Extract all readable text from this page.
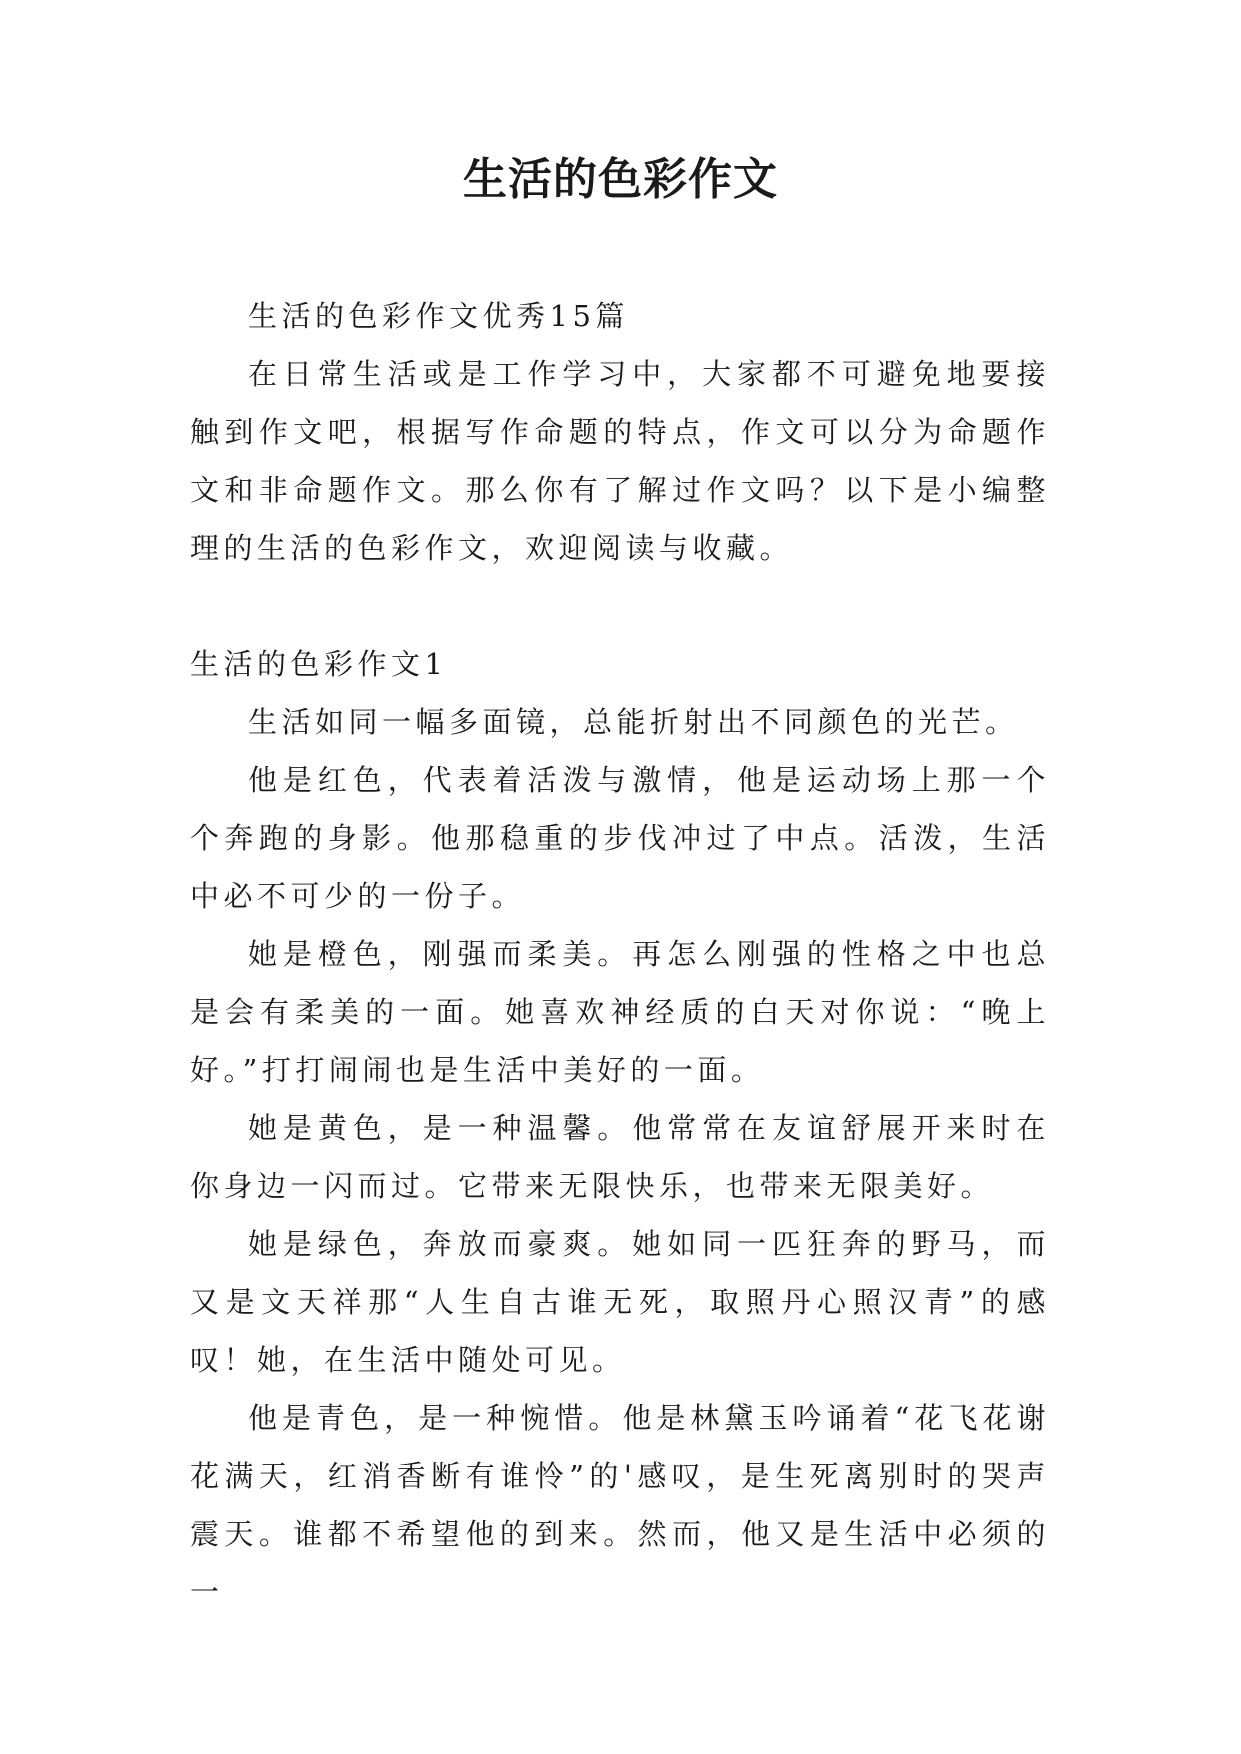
生活的色彩作文

生活的色彩作文优秀15篇

在日常生活或是工作学习中，大家都不可避免地要接触到作文吧，根据写作命题的特点，作文可以分为命题作文和非命题作文。那么你有了解过作文吗？以下是小编整理的生活的色彩作文，欢迎阅读与收藏。

生活的色彩作文1

生活如同一幅多面镜，总能折射出不同颜色的光芒。

他是红色，代表着活泼与激情，他是运动场上那一个个奔跑的身影。他那稳重的步伐冲过了中点。活泼，生活中必不可少的一份子。

她是橙色，刚强而柔美。再怎么刚强的性格之中也总是会有柔美的一面。她喜欢神经质的白天对你说：“晚上好。”打打闹闹也是生活中美好的一面。

她是黄色，是一种温馨。他常常在友谊舒展开来时在你身边一闪而过。它带来无限快乐，也带来无限美好。

她是绿色，奔放而豪爽。她如同一匹狂奔的野马，而又是文天祥那“人生自古谁无死，取照丹心照汉青”的感叹！她，在生活中随处可见。

他是青色，是一种惋惜。他是林黛玉吟诵着“花飞花谢花满天，红消香断有谁怜”的'感叹，是生死离别时的哭声震天。谁都不希望他的到来。然而，他又是生活中必须的一
